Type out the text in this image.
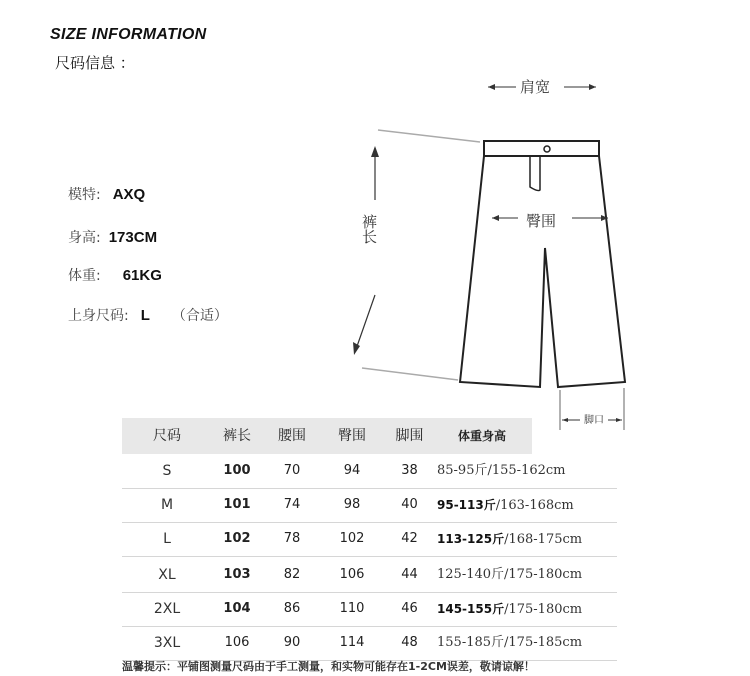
SIZE INFORMATION
尺码信息 ：
模特: AXQ
身高: 173CM
体重: 61KG
上身尺码: L （合适）
肩宽
臀围
裤长
脚口
尺码	裤长	腰围	臀围	脚围	体重身高
S	100	70	94	38	85-95斤/155-162cm
M	101	74	98	40	95-113斤/163-168cm
L	102	78	102	42	113-125斤/168-175cm
XL	103	82	106	44	125-140斤/175-180cm
2XL	104	86	110	46	145-155斤/175-180cm
3XL	106	90	114	48	155-185斤/175-185cm
温馨提示：平铺图测量尺码由于手工测量，和实物可能存在1-2CM误差，敬请谅解！
